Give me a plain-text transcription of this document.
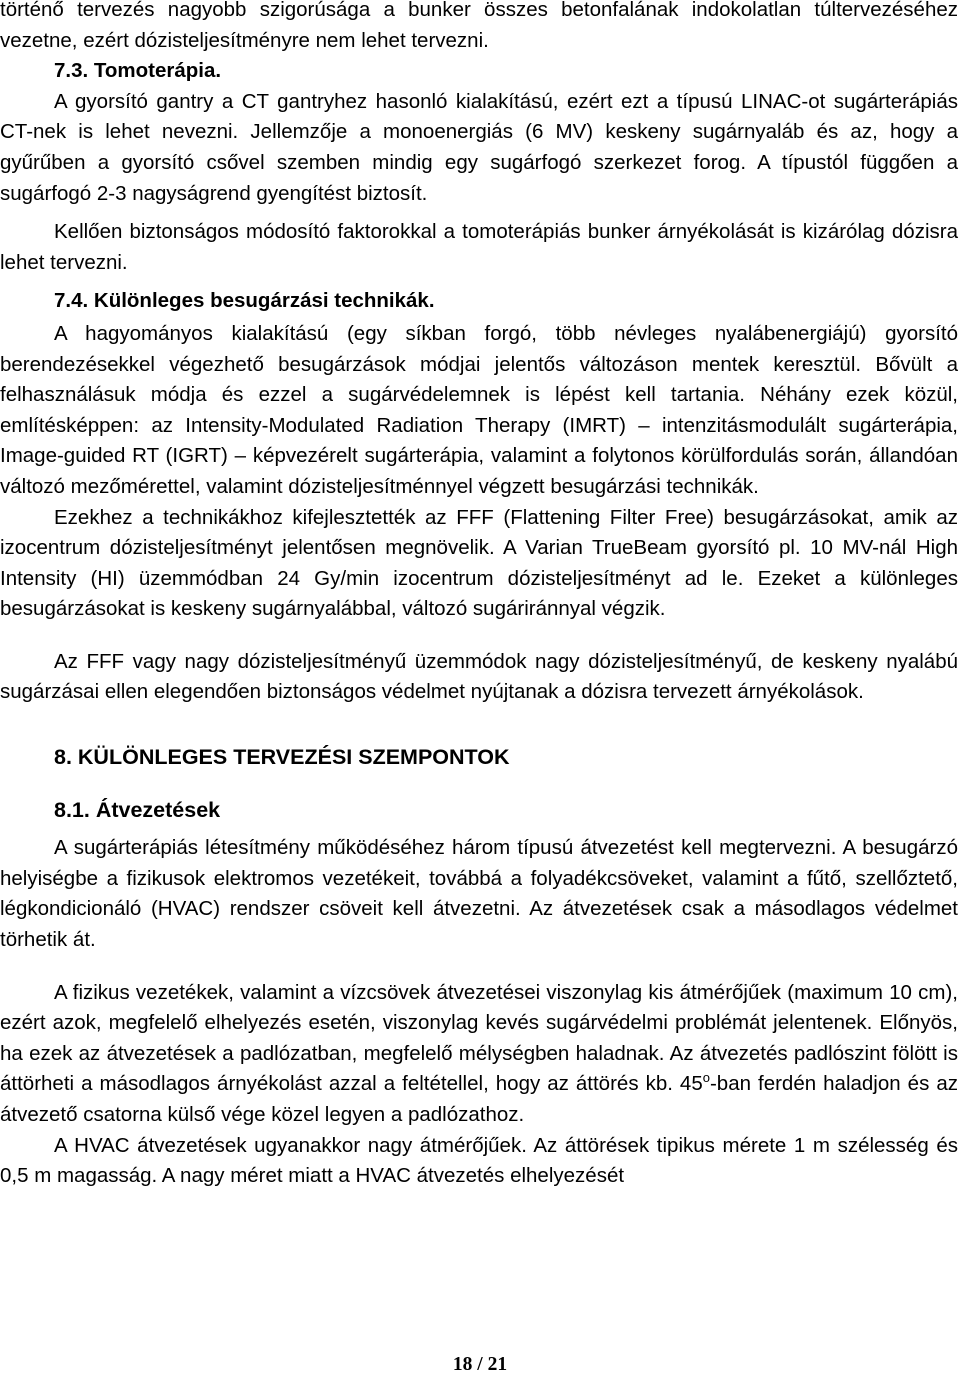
történő tervezés nagyobb szigorúsága a bunker összes betonfalának indokolatlan túltervezéséhez vezetne, ezért dózisteljesítményre nem lehet tervezni.

7.3. Tomoterápia.

A gyorsító gantry a CT gantryhez hasonló kialakítású, ezért ezt a típusú LINAC-ot sugárterápiás CT-nek is lehet nevezni. Jellemzője a monoenergiás (6 MV) keskeny sugárnyaláb és az, hogy a gyűrűben a gyorsító csővel szemben mindig egy sugárfogó szerkezet forog. A típustól függően a sugárfogó 2-3 nagyságrend gyengítést biztosít.

Kellően biztonságos módosító faktorokkal a tomoterápiás bunker árnyékolását is kizárólag dózisra lehet tervezni.

7.4. Különleges besugárzási technikák.

A hagyományos kialakítású (egy síkban forgó, több névleges nyalábenergiájú) gyorsító berendezésekkel végezhető besugárzások módjai jelentős változáson mentek keresztül. Bővült a felhasználásuk módja és ezzel a sugárvédelemnek is lépést kell tartania. Néhány ezek közül, említésképpen: az Intensity-Modulated Radiation Therapy (IMRT) – intenzitásmodulált sugárterápia, Image-guided RT (IGRT) – képvezérelt sugárterápia, valamint a folytonos körülfordulás során, állandóan változó mezőmérettel, valamint dózisteljesítménnyel végzett besugárzási technikák.

Ezekhez a technikákhoz kifejlesztették az FFF (Flattening Filter Free) besugárzásokat, amik az izocentrum dózisteljesítményt jelentősen megnövelik. A Varian TrueBeam gyorsító pl. 10 MV-nál High Intensity (HI) üzemmódban 24 Gy/min izocentrum dózisteljesítményt ad le. Ezeket a különleges besugárzásokat is keskeny sugárnyalábbal, változó sugáriránnyal végzik.

Az FFF vagy nagy dózisteljesítményű üzemmódok nagy dózisteljesítményű, de keskeny nyalábú sugárzásai ellen elegendően biztonságos védelmet nyújtanak a dózisra tervezett árnyékolások.

8. KÜLÖNLEGES TERVEZÉSI SZEMPONTOK

8.1. Átvezetések

A sugárterápiás létesítmény működéséhez három típusú átvezetést kell megtervezni. A besugárzó helyiségbe a fizikusok elektromos vezetékeit, továbbá a folyadékcsöveket, valamint a fűtő, szellőztető, légkondicionáló (HVAC) rendszer csöveit kell átvezetni. Az átvezetések csak a másodlagos védelmet törhetik át.

A fizikus vezetékek, valamint a vízcsövek átvezetései viszonylag kis átmérőjűek (maximum 10 cm), ezért azok, megfelelő elhelyezés esetén, viszonylag kevés sugárvédelmi problémát jelentenek. Előnyös, ha ezek az átvezetések a padlózatban, megfelelő mélységben haladnak. Az átvezetés padlószint fölött is áttörheti a másodlagos árnyékolást azzal a feltétellel, hogy az áttörés kb. 45$^o$-ban ferdén haladjon és az átvezető csatorna külső vége közel legyen a padlózathoz.

A HVAC átvezetések ugyanakkor nagy átmérőjűek. Az áttörések tipikus mérete 1 m szélesség és 0,5 m magasság. A nagy méret miatt a HVAC átvezetés elhelyezését

18 / 21
